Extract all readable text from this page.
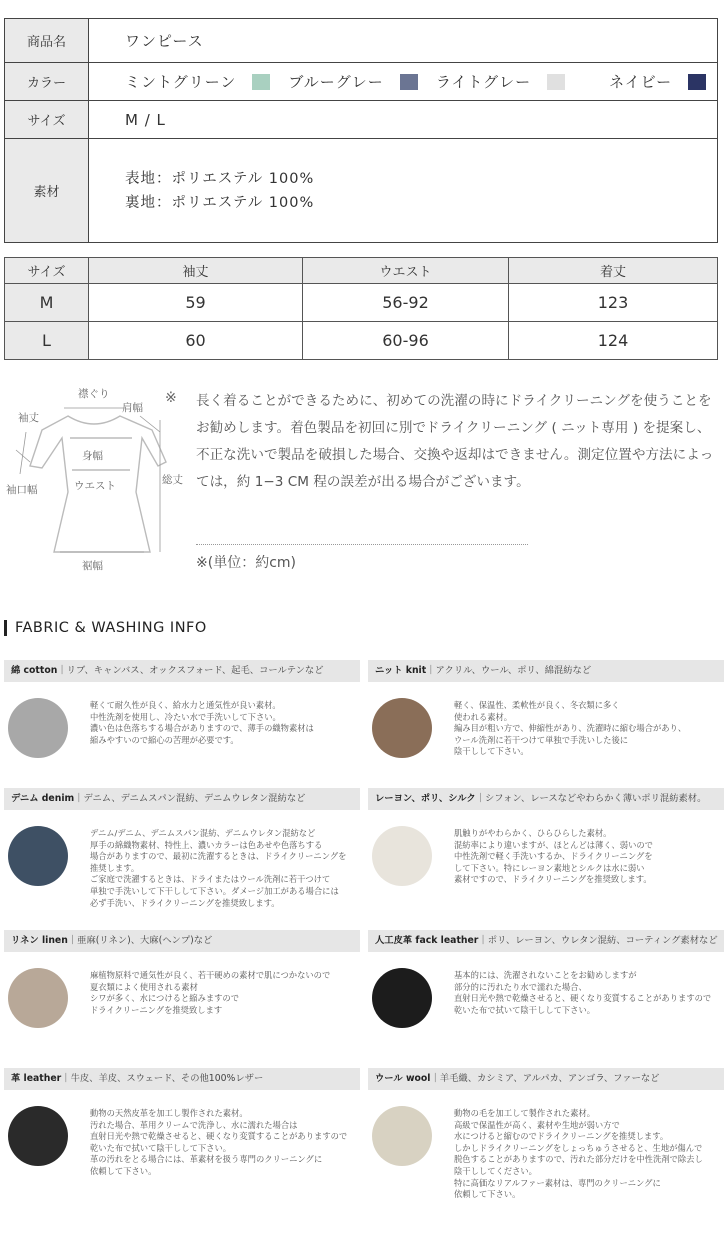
商品名	ワンピース
カラー	ミントグリーン ブルーグレー ライトグレー ネイビー
サイズ	M / L
素材	表地：ポリエステル 100%
裏地：ポリエステル 100%
サイズ	袖丈	ウエスト	着丈
M	59	56-92	123
L	60	60-96	124
襟ぐり
肩幅
袖丈
身幅
袖口幅	ウエスト	総丈
裾幅
※ 長く着ることができるために、初めての洗濯の時にドライクリーニングを使うことをお勧めします。着色製品を初回に別でドライクリーニング ( ニット専用 ) を提案し、不正な洗いで製品を破損した場合、交換や返却はできません。測定位置や方法によっては，約 1−3 CM 程の誤差が出る場合がございます。
※(単位：約cm)
FABRIC & WASHING INFO
綿 cotton｜リブ、キャンバス、オックスフォード、起毛、コールテンなど
軽くて耐久性が良く、給水力と通気性が良い素材。
中性洗剤を使用し、冷たい水で手洗いして下さい。
濃い色は色落ちする場合がありますので、薄手の織物素材は
縮みやすいので縮心の苦理が必要です。
ニット knit｜アクリル、ウール、ポリ、綿混紡など
軽く、保温性、柔軟性が良く、冬衣類に多く
使われる素材。
編み目が粗い方で、伸縮性があり、洗濯時に縮む場合があり、
ウール洗剤に若干つけて単独で手洗いした後に
陰干しして下さい。
デニム denim｜デニム、デニムスパン混紡、デニムウレタン混紡など
デニム/デニム、デニムスパン混紡、デニムウレタン混紡など
厚手の綿織物素材、特性上、濃いカラーは色あせや色落ちする
場合がありますので、最初に洗濯するときは、ドライクリーニングを
推奨します。
ご家庭で洗濯するときは、ドライまたはウール洗剤に若干つけて
単独で手洗いして下干しして下さい。ダメージ加工がある場合には
必ず手洗い、ドライクリーニングを推奨致します。
レーヨン、ポリ、シルク｜シフォン、レースなどやわらかく薄いポリ混紡素材。
肌触りがやわらかく、ひらひらした素材。
混紡率により違いますが、ほとんどは薄く、弱いので
中性洗剤で軽く手洗いするか、ドライクリーニングを
して下さい。特にレーヨン素地とシルクは水に弱い
素材ですので、ドライクリーニングを推奨致します。
リネン linen｜亜麻(リネン)、大麻(ヘンプ)など
麻植物原料で通気性が良く、若干硬めの素材で肌につかないので
夏衣類によく使用される素材
シワが多く、水につけると縮みますので
ドライクリーニングを推奨致します
人工皮革 fack leather｜ポリ、レーヨン、ウレタン混紡、コーティング素材など
基本的には、洗濯されないことをお勧めしますが
部分的に汚れたり水で濡れた場合、
直射日光や熱で乾燥させると、硬くなり変質することがありますので
乾いた布で拭いて陰干しして下さい。
革 leather｜牛皮、羊皮、スウェード、その他100%レザー
動物の天然皮革を加工し製作された素材。
汚れた場合、革用クリームで洗浄し、水に濡れた場合は
直射日光や熱で乾燥させると、硬くなり変質することがありますので
乾いた布で拭いて陰干しして下さい。
革の汚れをとる場合には、革素材を扱う専門のクリーニングに
依頼して下さい。
ウール wool｜羊毛織、カシミア、アルパカ、アンゴラ、ファーなど
動物の毛を加工して製作された素材。
高級で保温性が高く、素材や生地が弱い方で
水につけると縮むのでドライクリーニングを推奨します。
しかしドライクリーニングをしょっちゅうさせると、生地が傷んで
脱色することがありますので、汚れた部分だけを中性洗剤で除去し
陰干ししてください。
特に高価なリアルファー素材は、専門のクリーニングに
依頼して下さい。
